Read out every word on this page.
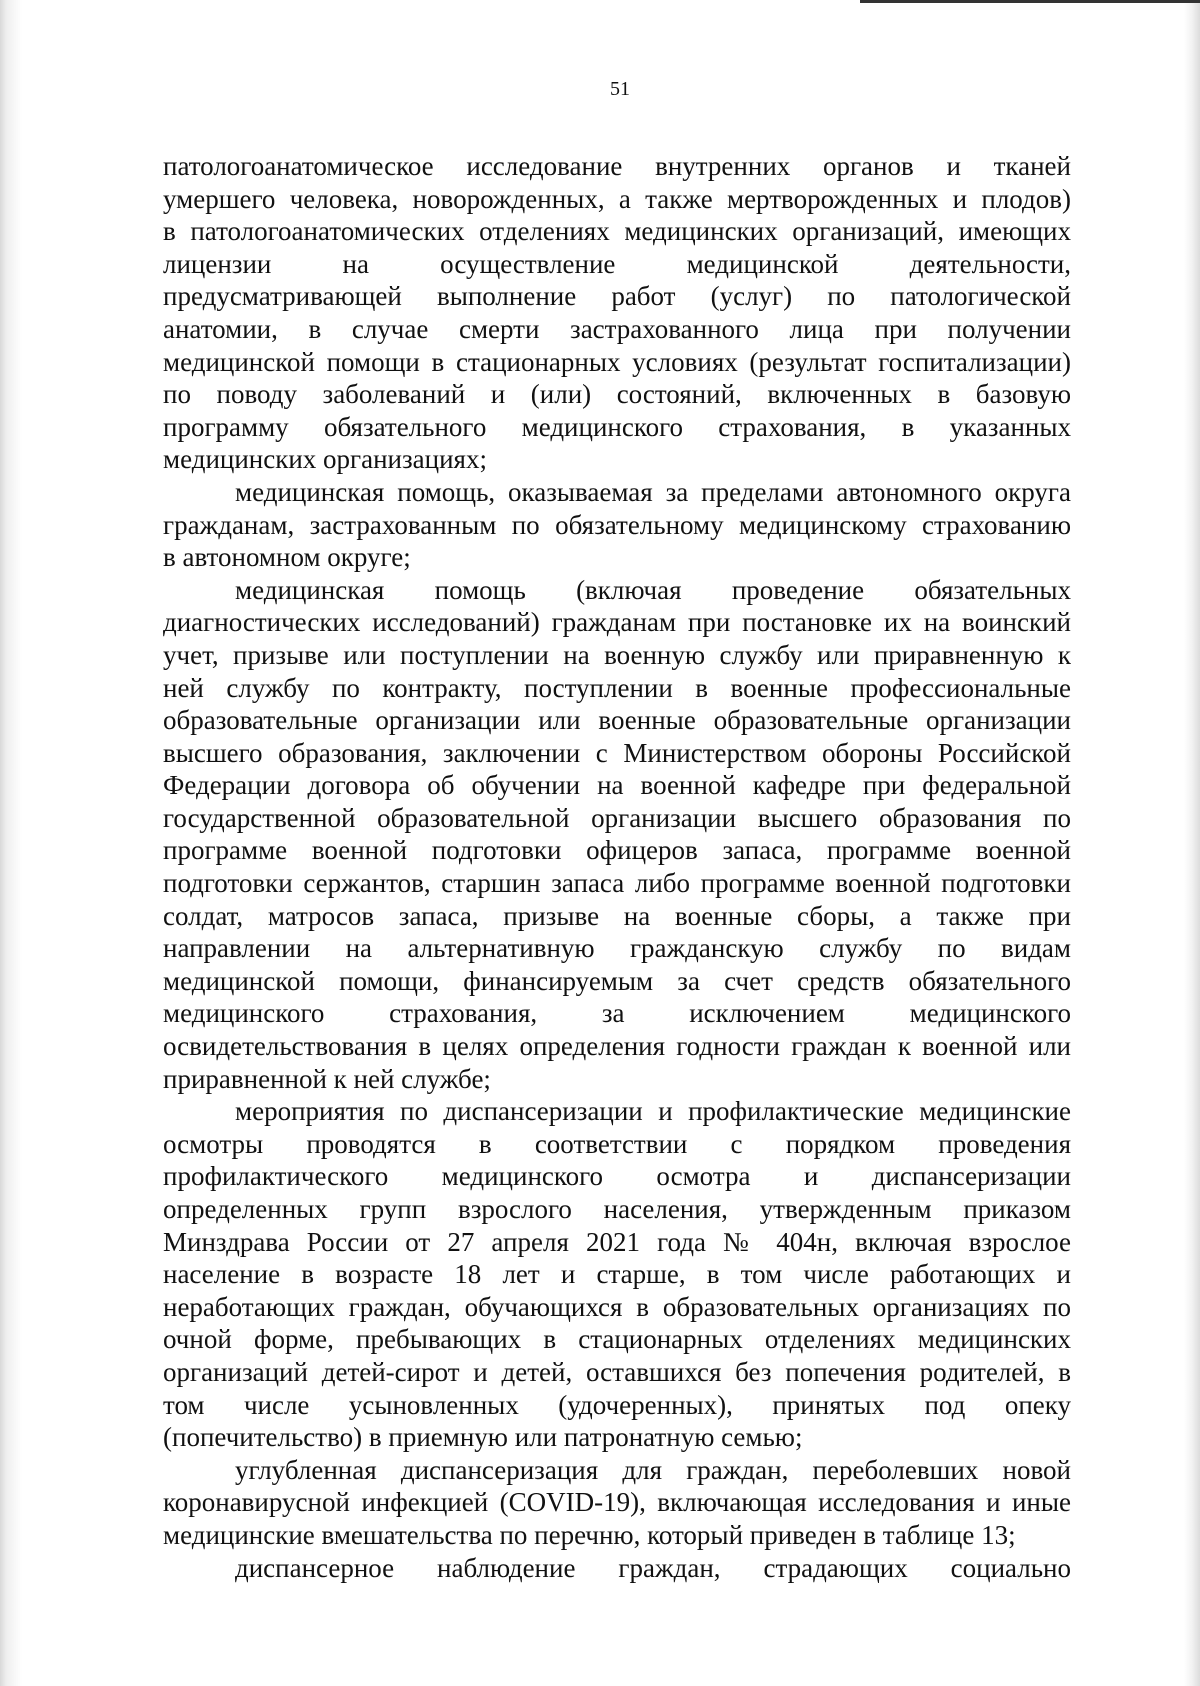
51
патологоанатомическое исследование внутренних органов и тканей
умершего человека, новорожденных, а также мертворожденных и плодов)
в патологоанатомических отделениях медицинских организаций, имеющих
лицензии на осуществление медицинской деятельности,
предусматривающей выполнение работ (услуг) по патологической
анатомии, в случае смерти застрахованного лица при получении
медицинской помощи в стационарных условиях (результат госпитализации)
по поводу заболеваний и (или) состояний, включенных в базовую
программу обязательного медицинского страхования, в указанных
медицинских организациях;
медицинская помощь, оказываемая за пределами автономного округа
гражданам, застрахованным по обязательному медицинскому страхованию
в автономном округе;
медицинская помощь (включая проведение обязательных
диагностических исследований) гражданам при постановке их на воинский
учет, призыве или поступлении на военную службу или приравненную к
ней службу по контракту, поступлении в военные профессиональные
образовательные организации или военные образовательные организации
высшего образования, заключении с Министерством обороны Российской
Федерации договора об обучении на военной кафедре при федеральной
государственной образовательной организации высшего образования по
программе военной подготовки офицеров запаса, программе военной
подготовки сержантов, старшин запаса либо программе военной подготовки
солдат, матросов запаса, призыве на военные сборы, а также при
направлении на альтернативную гражданскую службу по видам
медицинской помощи, финансируемым за счет средств обязательного
медицинского страхования, за исключением медицинского
освидетельствования в целях определения годности граждан к военной или
приравненной к ней службе;
мероприятия по диспансеризации и профилактические медицинские
осмотры проводятся в соответствии с порядком проведения
профилактического медицинского осмотра и диспансеризации
определенных групп взрослого населения, утвержденным приказом
Минздрава России от 27 апреля 2021 года № 404н, включая взрослое
население в возрасте 18 лет и старше, в том числе работающих и
неработающих граждан, обучающихся в образовательных организациях по
очной форме, пребывающих в стационарных отделениях медицинских
организаций детей-сирот и детей, оставшихся без попечения родителей, в
том числе усыновленных (удочеренных), принятых под опеку
(попечительство) в приемную или патронатную семью;
углубленная диспансеризация для граждан, переболевших новой
коронавирусной инфекцией (COVID-19), включающая исследования и иные
медицинские вмешательства по перечню, который приведен в таблице 13;
диспансерное наблюдение граждан, страдающих социально
